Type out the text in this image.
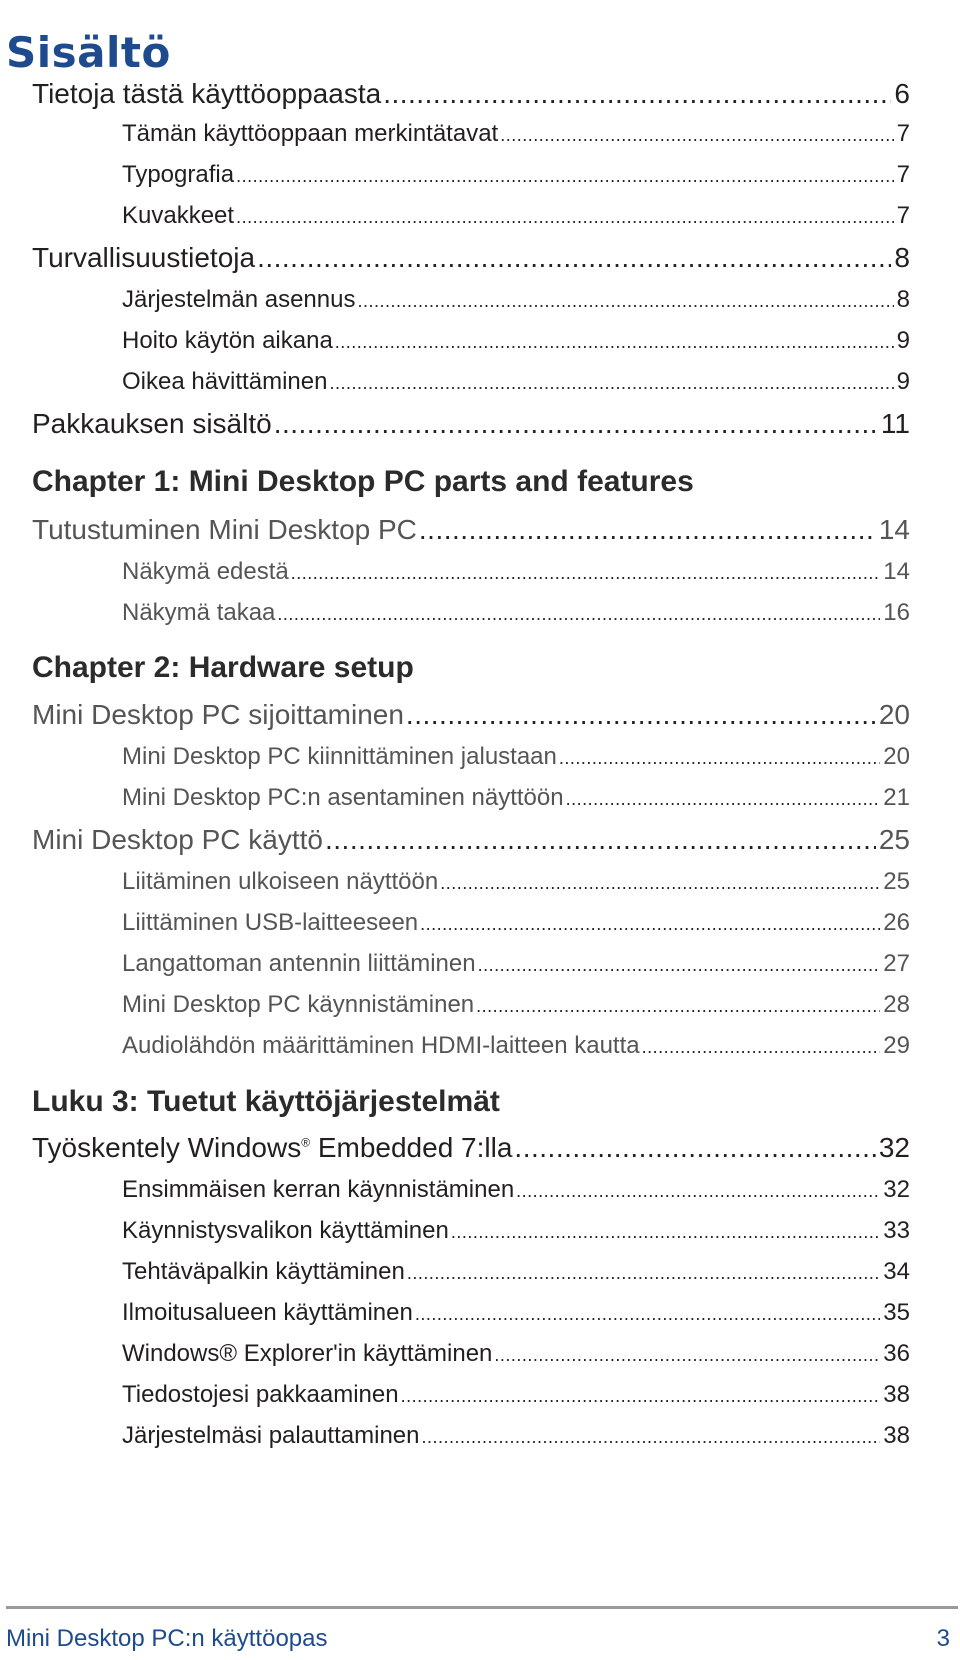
Sisältö
Tietoja tästä käyttöoppaasta .....	6
Tämän käyttöoppaan merkintätavat .....	7
Typografia .....	7
Kuvakkeet .....	7
Turvallisuustietoja .....	8
Järjestelmän asennus .....	8
Hoito käytön aikana .....	9
Oikea hävittäminen .....	9
Pakkauksen sisältö .....	11
Chapter 1: Mini Desktop PC parts and features
Tutustuminen Mini Desktop PC .....	14
Näkymä edestä .....	14
Näkymä takaa .....	16
Chapter 2: Hardware setup
Mini Desktop PC sijoittaminen .....	20
Mini Desktop PC kiinnittäminen jalustaan .....	20
Mini Desktop PC:n asentaminen näyttöön .....	21
Mini Desktop PC käyttö .....	25
Liitäminen ulkoiseen näyttöön .....	25
Liittäminen USB-laitteeseen .....	26
Langattoman antennin liittäminen .....	27
Mini Desktop PC käynnistäminen .....	28
Audiolähdön määrittäminen HDMI-laitteen kautta .....	29
Luku 3: Tuetut käyttöjärjestelmät
Työskentely Windows® Embedded 7:lla .....	32
Ensimmäisen kerran käynnistäminen .....	32
Käynnistysvalikon käyttäminen .....	33
Tehtäväpalkin käyttäminen .....	34
Ilmoitusalueen käyttäminen .....	35
Windows® Explorer'in käyttäminen .....	36
Tiedostojesi pakkaaminen .....	38
Järjestelmäsi palauttaminen .....	38
Mini Desktop PC:n käyttöopas	3
